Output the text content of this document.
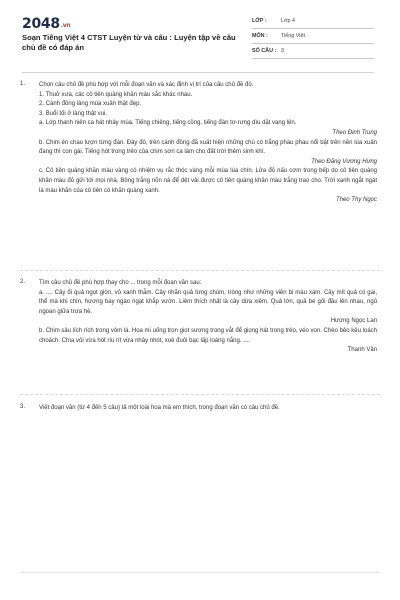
2048.vn
Soạn Tiếng Việt 4 CTST Luyện từ và câu : Luyện tập về câu chủ đề có đáp án
LỚP :	Lớp 4
MÔN :	Tiếng Việt
SỐ CÂU : 3
1. Chọn câu chủ đề phù hợp với mỗi đoạn văn và xác định vị trí của câu chủ đề đó.

1. Thuở xưa, các cô tiên quàng khăn màu sắc khác nhau.

2. Cánh đồng làng mùa xuân thật đẹp.

3. Buổi tối ở làng thật vui.

a. Lớp thanh niên ca hát nhảy múa. Tiếng chiêng, tiếng cồng, tiếng đàn tơ-rưng dìu dặt vang lên.

Theo Đinh Trung

b. Chim én chao lượn từng đàn. Đây đó, trên cánh đồng đã xuất hiện những chú cò trắng phau phau nổi bật trên nền lúa xuân đang thì con gái. Tiếng hót trong trẻo của chim sơn ca làm cho đất trời thêm sinh khí.

Theo Đặng Vương Hưng

c. Cô tiên quàng khăn màu vàng có nhiệm vụ rắc thóc vàng mỗi mùa lúa chín. Lửa đỏ nấu cơm trong bếp do cô tiên quàng khăn màu đỏ gửi tới mọi nhà. Bông trắng nõn nà để dệt vải được cô tiên quàng khăn màu trắng trao cho. Trời xanh ngắt ngát là màu khăn của cô tiên có khăn quàng xanh.

Theo Thy Ngọc

2. Tìm câu chủ đề phù hợp thay cho ... trong mỗi đoạn văn sau:

a. .... Cây ổi quả ngọt giòn, vỏ xanh thẫm. Cây nhãn quả từng chùm, tròng như những viên bi màu xám. Cây mít quả có gai, thể mà khi chín, hương bay ngào ngạt khắp vườn. Liêm thích nhất là cây dừa xiêm. Quả lớn, quả bé gối đầu lên nhau, ngủ ngoan giữa trưa hè.

Hương Ngọc Lan

b. Chim sâu lích rích trong vòm lá. Họa mi uống trọn giọt sương trong vắt để giọng hát trong trẻo, véo von. Chèo bẻo kêu loách choách. Chìa vôi vừa hót ríu rít vừa nhảy nhót, xoè đuôi bạc lấp loáng nắng. ....

Thanh Vân

3. Viết đoạn văn (từ 4 đến 5 câu) tả một loài hoa mà em thích, trong đoạn văn có câu chủ đề.
